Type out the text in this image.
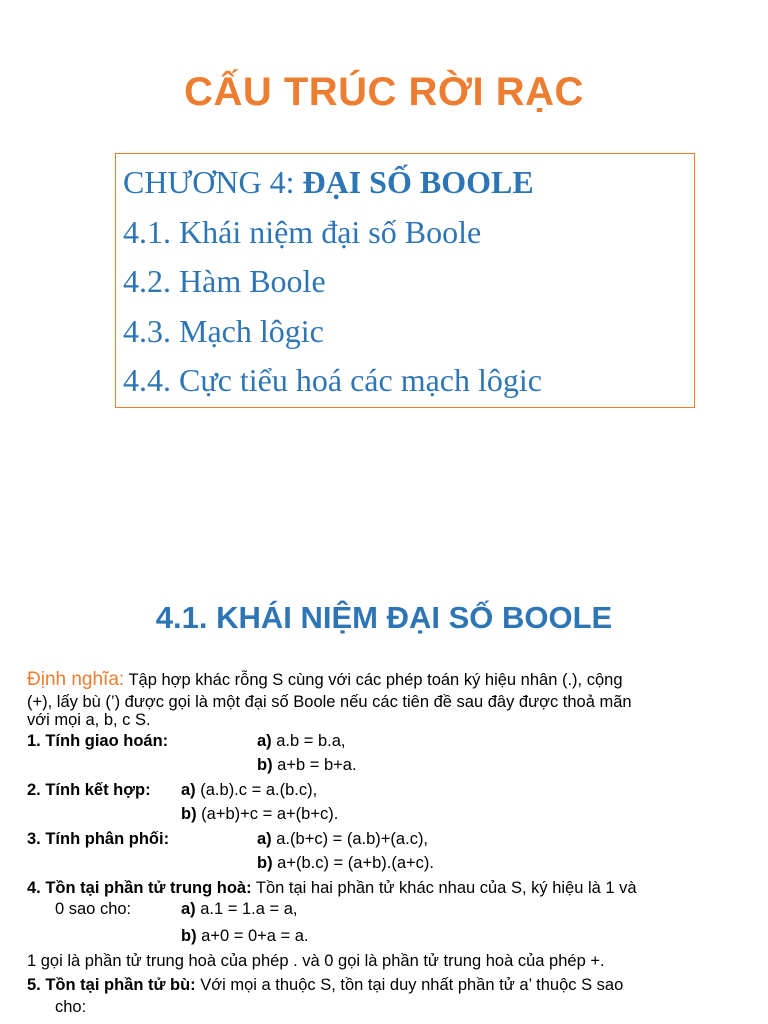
CẤU TRÚC RỜI RẠC
CHƯƠNG 4: ĐẠI SỐ BOOLE
4.1. Khái niệm đại số Boole
4.2. Hàm Boole
4.3. Mạch lôgic
4.4. Cực tiểu hoá các mạch lôgic
4.1. KHÁI NIỆM ĐẠI SỐ BOOLE
Định nghĩa: Tập hợp khác rỗng S cùng với các phép toán ký hiệu nhân (.), cộng
(+), lấy bù (’) được gọi là một đại số Boole nếu các tiên đề sau đây được thoả mãn
với mọi a, b, c S.
1. Tính giao hoán:	a) a.b = b.a,
b) a+b = b+a.
2. Tính kết hợp: a) (a.b).c = a.(b.c),
b) (a+b)+c = a+(b+c).
3. Tính phân phối:	a) a.(b+c) = (a.b)+(a.c),
b) a+(b.c) = (a+b).(a+c).
4. Tồn tại phần tử trung hoà: Tồn tại hai phần tử khác nhau của S, ký hiệu là 1 và
0 sao cho:	a) a.1 = 1.a = a,
b) a+0 = 0+a = a.
1 gọi là phần tử trung hoà của phép . và 0 gọi là phần tử trung hoà của phép +.
5. Tồn tại phần tử bù: Với mọi a thuộc S, tồn tại duy nhất phần tử a’ thuộc S sao
cho:
